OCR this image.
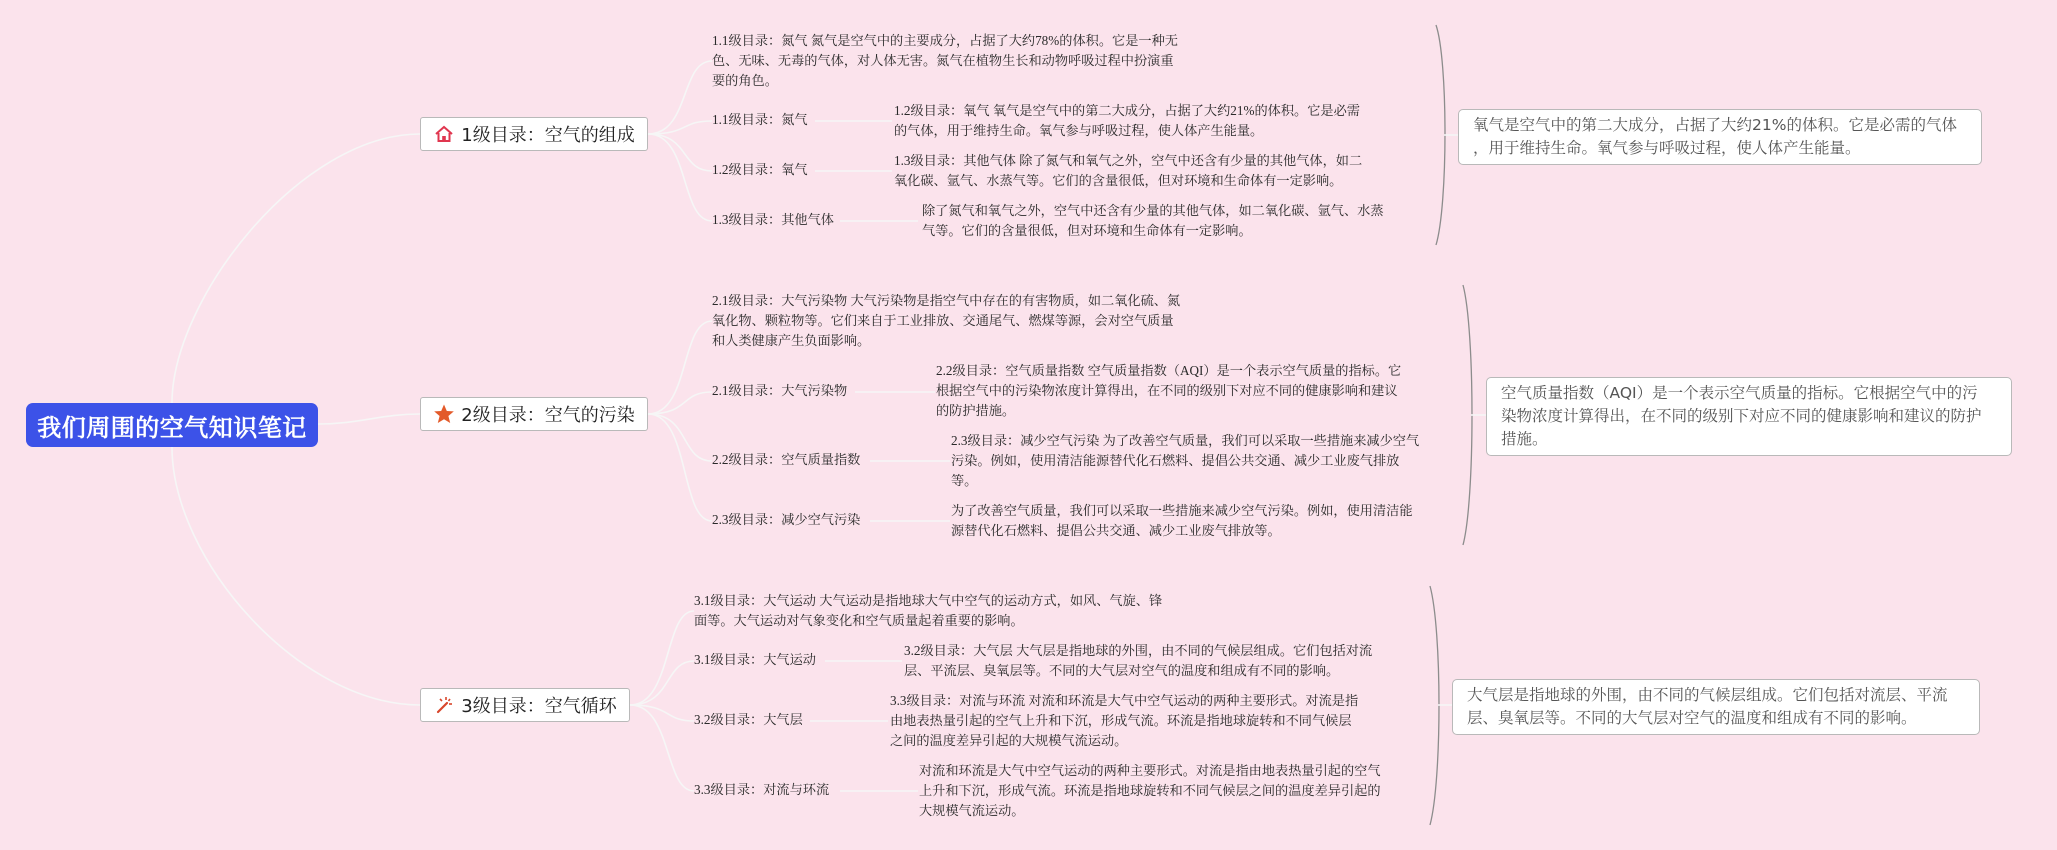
我们周围的空气知识笔记
1级目录：空气的组成
1.1级目录：氮气 氮气是空气中的主要成分，占据了大约78%的体积。它是一种无
色、无味、无毒的气体，对人体无害。氮气在植物生长和动物呼吸过程中扮演重
要的角色。
1.1级目录：氮气
1.2级目录：氧气
1.3级目录：其他气体
1.2级目录：氧气 氧气是空气中的第二大成分，占据了大约21%的体积。它是必需
的气体，用于维持生命。氧气参与呼吸过程，使人体产生能量。
1.3级目录：其他气体 除了氮气和氧气之外，空气中还含有少量的其他气体，如二
氧化碳、氩气、水蒸气等。它们的含量很低，但对环境和生命体有一定影响。
除了氮气和氧气之外，空气中还含有少量的其他气体，如二氧化碳、氩气、水蒸
气等。它们的含量很低，但对环境和生命体有一定影响。
氧气是空气中的第二大成分，占据了大约21%的体积。它是必需的气体
，用于维持生命。氧气参与呼吸过程，使人体产生能量。
2级目录：空气的污染
2.1级目录：大气污染物 大气污染物是指空气中存在的有害物质，如二氧化硫、氮
氧化物、颗粒物等。它们来自于工业排放、交通尾气、燃煤等源，会对空气质量
和人类健康产生负面影响。
2.1级目录：大气污染物
2.2级目录：空气质量指数
2.3级目录：减少空气污染
2.2级目录：空气质量指数 空气质量指数（AQI）是一个表示空气质量的指标。它
根据空气中的污染物浓度计算得出，在不同的级别下对应不同的健康影响和建议
的防护措施。
2.3级目录：减少空气污染 为了改善空气质量，我们可以采取一些措施来减少空气
污染。例如，使用清洁能源替代化石燃料、提倡公共交通、减少工业废气排放
等。
为了改善空气质量，我们可以采取一些措施来减少空气污染。例如，使用清洁能
源替代化石燃料、提倡公共交通、减少工业废气排放等。
空气质量指数（AQI）是一个表示空气质量的指标。它根据空气中的污
染物浓度计算得出，在不同的级别下对应不同的健康影响和建议的防护
措施。
3级目录：空气循环
3.1级目录：大气运动 大气运动是指地球大气中空气的运动方式，如风、气旋、锋
面等。大气运动对气象变化和空气质量起着重要的影响。
3.1级目录：大气运动
3.2级目录：大气层
3.3级目录：对流与环流
3.2级目录：大气层 大气层是指地球的外围，由不同的气候层组成。它们包括对流
层、平流层、臭氧层等。不同的大气层对空气的温度和组成有不同的影响。
3.3级目录：对流与环流 对流和环流是大气中空气运动的两种主要形式。对流是指
由地表热量引起的空气上升和下沉，形成气流。环流是指地球旋转和不同气候层
之间的温度差异引起的大规模气流运动。
对流和环流是大气中空气运动的两种主要形式。对流是指由地表热量引起的空气
上升和下沉，形成气流。环流是指地球旋转和不同气候层之间的温度差异引起的
大规模气流运动。
大气层是指地球的外围，由不同的气候层组成。它们包括对流层、平流
层、臭氧层等。不同的大气层对空气的温度和组成有不同的影响。
